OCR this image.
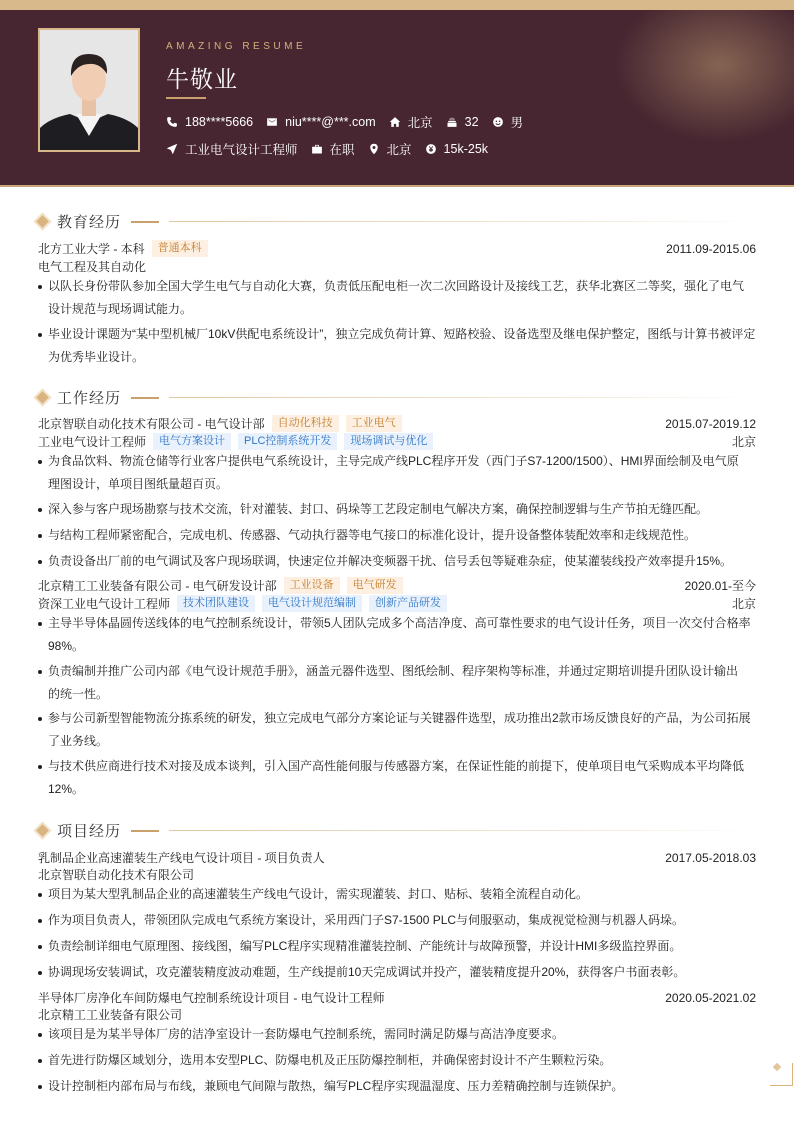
AMAZING RESUME
牛敬业
188****5666	niu****@***.com	北京	32	男
工业电气设计工程师	在职	北京	15k-25k
教育经历
北方工业大学 - 本科	普通本科	2011.09-2015.06
电气工程及其自动化
以队长身份带队参加全国大学生电气与自动化大赛，负责低压配电柜一次二次回路设计及接线工艺，获华北赛区二等奖，强化了电气
设计规范与现场调试能力。
毕业设计课题为“某中型机械厂10kV供配电系统设计”，独立完成负荷计算、短路校验、设备选型及继电保护整定，图纸与计算书被评定
为优秀毕业设计。
工作经历
北京智联自动化技术有限公司 - 电气设计部	自动化科技	工业电气	2015.07-2019.12
工业电气设计工程师	电气方案设计	PLC控制系统开发	现场调试与优化	北京
为食品饮料、物流仓储等行业客户提供电气系统设计，主导完成产线PLC程序开发（西门子S7-1200/1500）、HMI界面绘制及电气原
理图设计，单项目图纸量超百页。
深入参与客户现场勘察与技术交流，针对灌装、封口、码垛等工艺段定制电气解决方案，确保控制逻辑与生产节拍无缝匹配。
与结构工程师紧密配合，完成电机、传感器、气动执行器等电气接口的标准化设计，提升设备整体装配效率和走线规范性。
负责设备出厂前的电气调试及客户现场联调，快速定位并解决变频器干扰、信号丢包等疑难杂症，使某灌装线投产效率提升15%。
北京精工工业装备有限公司 - 电气研发设计部	工业设备	电气研发	2020.01-至今
资深工业电气设计工程师	技术团队建设	电气设计规范编制	创新产品研发	北京
主导半导体晶圆传送线体的电气控制系统设计，带领5人团队完成多个高洁净度、高可靠性要求的电气设计任务，项目一次交付合格率
98%。
负责编制并推广公司内部《电气设计规范手册》，涵盖元器件选型、图纸绘制、程序架构等标准，并通过定期培训提升团队设计输出
的统一性。
参与公司新型智能物流分拣系统的研发，独立完成电气部分方案论证与关键器件选型，成功推出2款市场反馈良好的产品，为公司拓展
了业务线。
与技术供应商进行技术对接及成本谈判，引入国产高性能伺服与传感器方案，在保证性能的前提下，使单项目电气采购成本平均降低
12%。
项目经历
乳制品企业高速灌装生产线电气设计项目 - 项目负责人	2017.05-2018.03
北京智联自动化技术有限公司
项目为某大型乳制品企业的高速灌装生产线电气设计，需实现灌装、封口、贴标、装箱全流程自动化。
作为项目负责人，带领团队完成电气系统方案设计，采用西门子S7-1500 PLC与伺服驱动，集成视觉检测与机器人码垛。
负责绘制详细电气原理图、接线图，编写PLC程序实现精准灌装控制、产能统计与故障预警，并设计HMI多级监控界面。
协调现场安装调试，攻克灌装精度波动难题，生产线提前10天完成调试并投产，灌装精度提升20%，获得客户书面表彰。
半导体厂房净化车间防爆电气控制系统设计项目 - 电气设计工程师	2020.05-2021.02
北京精工工业装备有限公司
该项目是为某半导体厂房的洁净室设计一套防爆电气控制系统，需同时满足防爆与高洁净度要求。
首先进行防爆区域划分，选用本安型PLC、防爆电机及正压防爆控制柜，并确保密封设计不产生颗粒污染。
设计控制柜内部布局与布线，兼顾电气间隙与散热，编写PLC程序实现温湿度、压力差精确控制与连锁保护。
